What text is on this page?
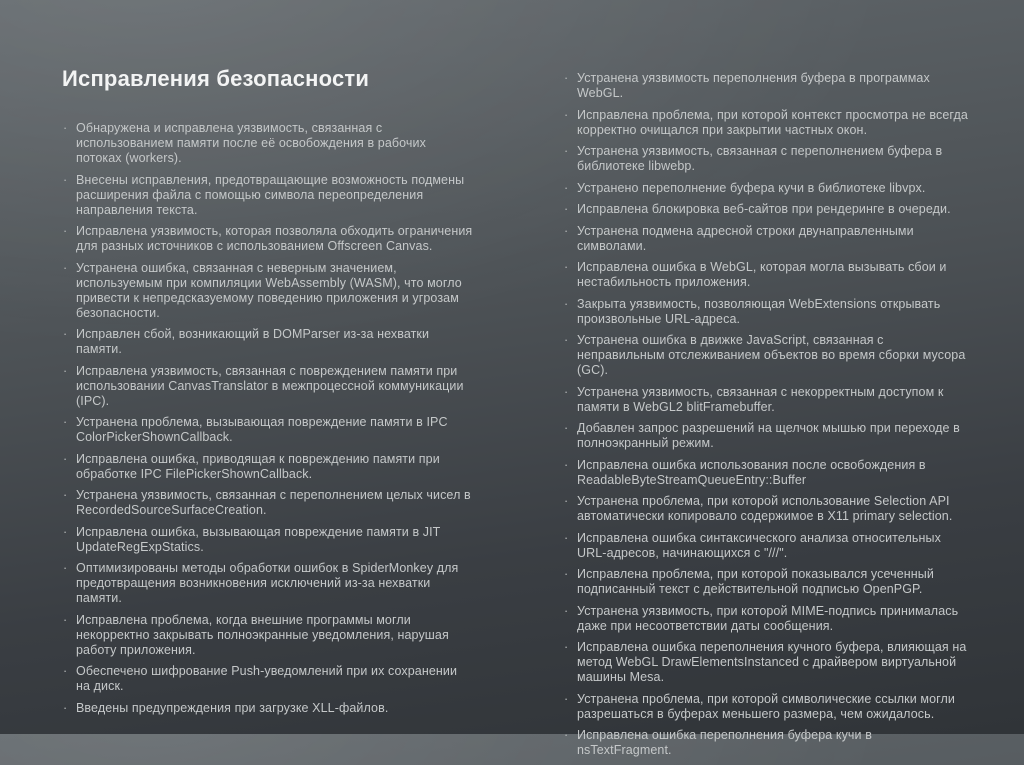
Исправления безопасности
· Обнаружена и исправлена уязвимость, связанная с использованием памяти после её освобождения в рабочих потоках (workers).
· Внесены исправления, предотвращающие возможность подмены расширения файла с помощью символа переопределения направления текста.
· Исправлена уязвимость, которая позволяла обходить ограничения для разных источников с использованием Offscreen Canvas.
· Устранена ошибка, связанная с неверным значением, используемым при компиляции WebAssembly (WASM), что могло привести к непредсказуемому поведению приложения и угрозам безопасности.
· Исправлен сбой, возникающий в DOMParser из-за нехватки памяти.
· Исправлена уязвимость, связанная с повреждением памяти при использовании CanvasTranslator в межпроцессной коммуникации (IPC).
· Устранена проблема, вызывающая повреждение памяти в IPC ColorPickerShownCallback.
· Исправлена ошибка, приводящая к повреждению памяти при обработке IPC FilePickerShownCallback.
· Устранена уязвимость, связанная с переполнением целых чисел в RecordedSourceSurfaceCreation.
· Исправлена ошибка, вызывающая повреждение памяти в JIT UpdateRegExpStatics.
· Оптимизированы методы обработки ошибок в SpiderMonkey для предотвращения возникновения исключений из-за нехватки памяти.
· Исправлена проблема, когда внешние программы могли некорректно закрывать полноэкранные уведомления, нарушая работу приложения.
· Обеспечено шифрование Push-уведомлений при их сохранении на диск.
· Введены предупреждения при загрузке XLL-файлов.
· Устранена уязвимость переполнения буфера в программах WebGL.
· Исправлена проблема, при которой контекст просмотра не всегда корректно очищался при закрытии частных окон.
· Устранена уязвимость, связанная с переполнением буфера в библиотеке libwebp.
· Устранено переполнение буфера кучи в библиотеке libvpx.
· Исправлена блокировка веб-сайтов при рендеринге в очереди.
· Устранена подмена адресной строки двунаправленными символами.
· Исправлена ошибка в WebGL, которая могла вызывать сбои и нестабильность приложения.
· Закрыта уязвимость, позволяющая WebExtensions открывать произвольные URL-адреса.
· Устранена ошибка в движке JavaScript, связанная с неправильным отслеживанием объектов во время сборки мусора (GC).
· Устранена уязвимость, связанная с некорректным доступом к памяти в WebGL2 blitFramebuffer.
· Добавлен запрос разрешений на щелчок мышью при переходе в полноэкранный режим.
· Исправлена ошибка использования после освобождения в ReadableByteStreamQueueEntry::Buffer
· Устранена проблема, при которой использование Selection API автоматически копировало содержимое в X11 primary selection.
· Исправлена ошибка синтаксического анализа относительных URL-адресов, начинающихся с "///".
· Исправлена проблема, при которой показывался усеченный подписанный текст с действительной подписью OpenPGP.
· Устранена уязвимость, при которой MIME-подпись принималась даже при несоответствии даты сообщения.
· Исправлена ошибка переполнения кучного буфера, влияющая на метод WebGL DrawElementsInstanced с драйвером виртуальной машины Mesa.
· Устранена проблема, при которой символические ссылки могли разрешаться в буферах меньшего размера, чем ожидалось.
· Исправлена ошибка переполнения буфера кучи в nsTextFragment.
